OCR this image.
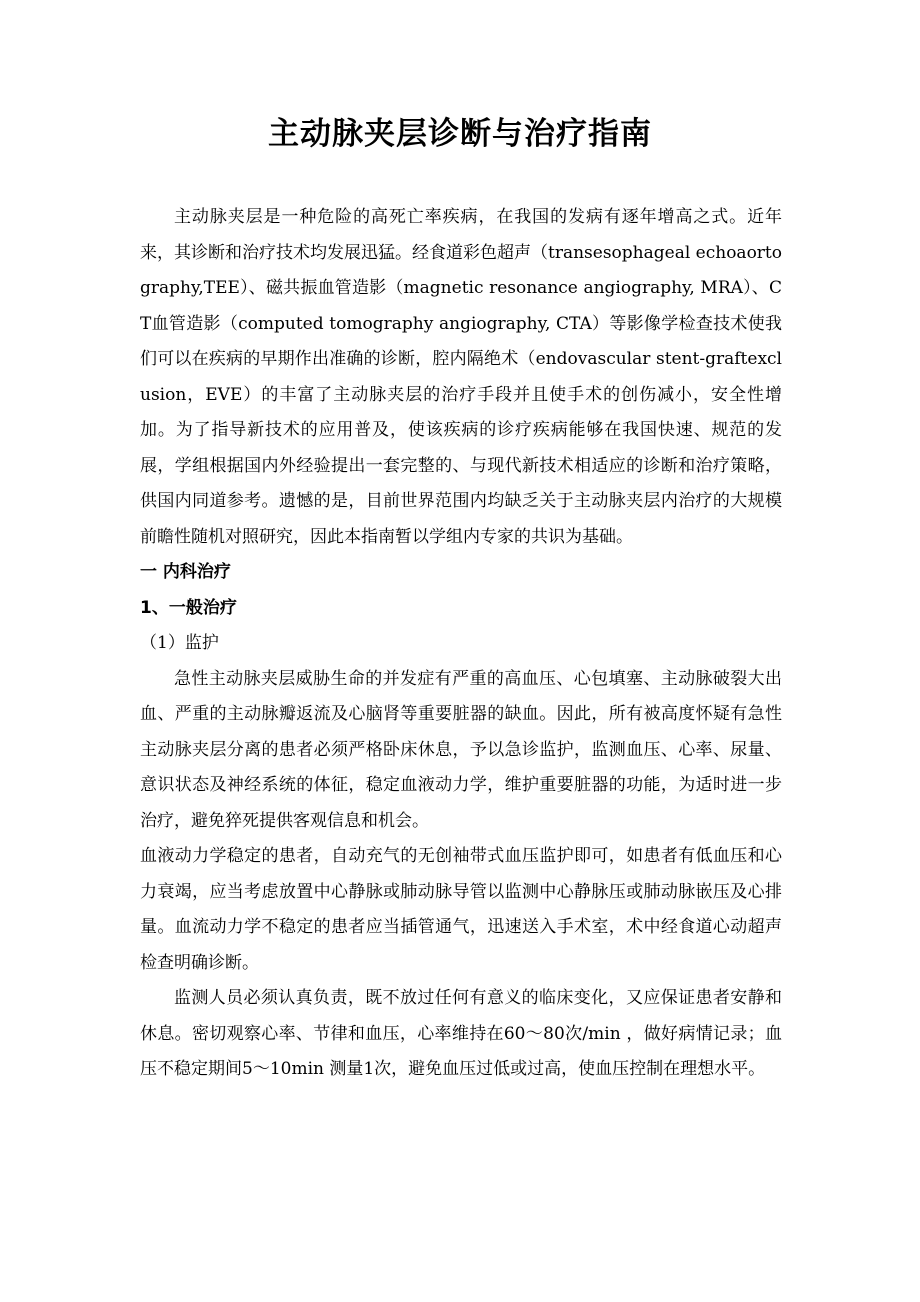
主动脉夹层诊断与治疗指南

主动脉夹层是一种危险的高死亡率疾病，在我国的发病有逐年增高之式。近年来，其诊断和治疗技术均发展迅猛。经食道彩色超声（transesophageal echoaortography,TEE）、磁共振血管造影（magnetic resonance angiography, MRA）、CT血管造影（computed tomography angiography, CTA）等影像学检查技术使我们可以在疾病的早期作出准确的诊断，腔内隔绝术（endovascular stent-graftexclusion，EVE）的丰富了主动脉夹层的治疗手段并且使手术的创伤减小，安全性增加。为了指导新技术的应用普及，使该疾病的诊疗疾病能够在我国快速、规范的发展，学组根据国内外经验提出一套完整的、与现代新技术相适应的诊断和治疗策略，供国内同道参考。遗憾的是，目前世界范围内均缺乏关于主动脉夹层内治疗的大规模前瞻性随机对照研究，因此本指南暂以学组内专家的共识为基础。

一 内科治疗

1、一般治疗

（1）监护

急性主动脉夹层威胁生命的并发症有严重的高血压、心包填塞、主动脉破裂大出血、严重的主动脉瓣返流及心脑肾等重要脏器的缺血。因此，所有被高度怀疑有急性主动脉夹层分离的患者必须严格卧床休息，予以急诊监护，监测血压、心率、尿量、意识状态及神经系统的体征，稳定血液动力学，维护重要脏器的功能，为适时进一步治疗，避免猝死提供客观信息和机会。

血液动力学稳定的患者，自动充气的无创袖带式血压监护即可，如患者有低血压和心力衰竭，应当考虑放置中心静脉或肺动脉导管以监测中心静脉压或肺动脉嵌压及心排量。血流动力学不稳定的患者应当插管通气，迅速送入手术室，术中经食道心动超声检查明确诊断。

监测人员必须认真负责，既不放过任何有意义的临床变化，又应保证患者安静和休息。密切观察心率、节律和血压，心率维持在60～80次/min ，做好病情记录；血压不稳定期间5～10min 测量1次，避免血压过低或过高，使血压控制在理想水平。
